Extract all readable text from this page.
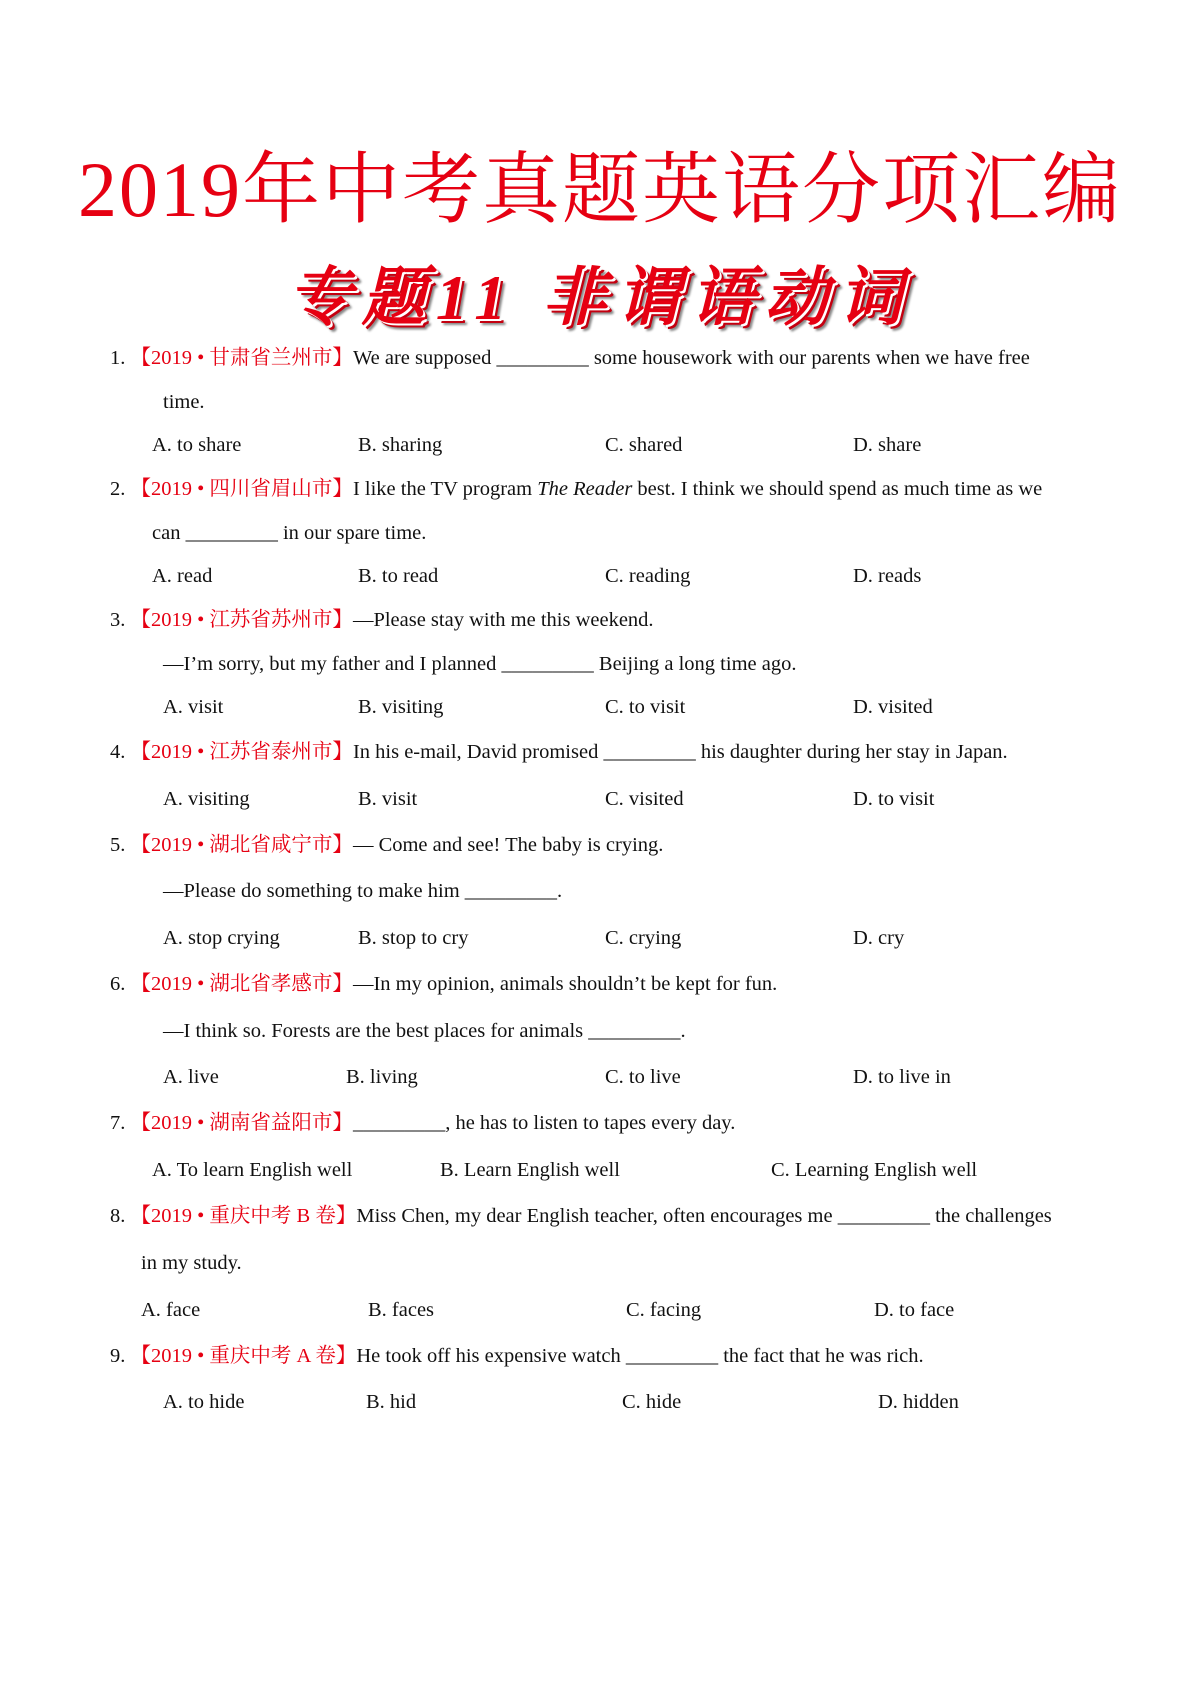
2019年中考真题英语分项汇编
专题11 非谓语动词
1. 【2019 • 甘肃省兰州市】We are supposed _________ some housework with our parents when we have free
time.
A. to share	B. sharing	C. shared	D. share
2. 【2019 • 四川省眉山市】I like the TV program The Reader best. I think we should spend as much time as we
can _________ in our spare time.
A. read	B. to read	C. reading	D. reads
3. 【2019 • 江苏省苏州市】—Please stay with me this weekend.
—I’m sorry, but my father and I planned _________ Beijing a long time ago.
A. visit	B. visiting	C. to visit	D. visited
4. 【2019 • 江苏省泰州市】In his e-mail, David promised _________ his daughter during her stay in Japan.
A. visiting	B. visit	C. visited	D. to visit
5. 【2019 • 湖北省咸宁市】— Come and see! The baby is crying.
—Please do something to make him _________.
A. stop crying	B. stop to cry	C. crying	D. cry
6. 【2019 • 湖北省孝感市】—In my opinion, animals shouldn’t be kept for fun.
—I think so. Forests are the best places for animals _________.
A. live	B. living	C. to live	D. to live in
7. 【2019 • 湖南省益阳市】_________, he has to listen to tapes every day.
A. To learn English well	B. Learn English well	C. Learning English well
8. 【2019 • 重庆中考 B 卷】Miss Chen, my dear English teacher, often encourages me _________ the challenges
in my study.
A. face	B. faces	C. facing	D. to face
9. 【2019 • 重庆中考 A 卷】He took off his expensive watch _________ the fact that he was rich.
A. to hide	B. hid	C. hide	D. hidden
